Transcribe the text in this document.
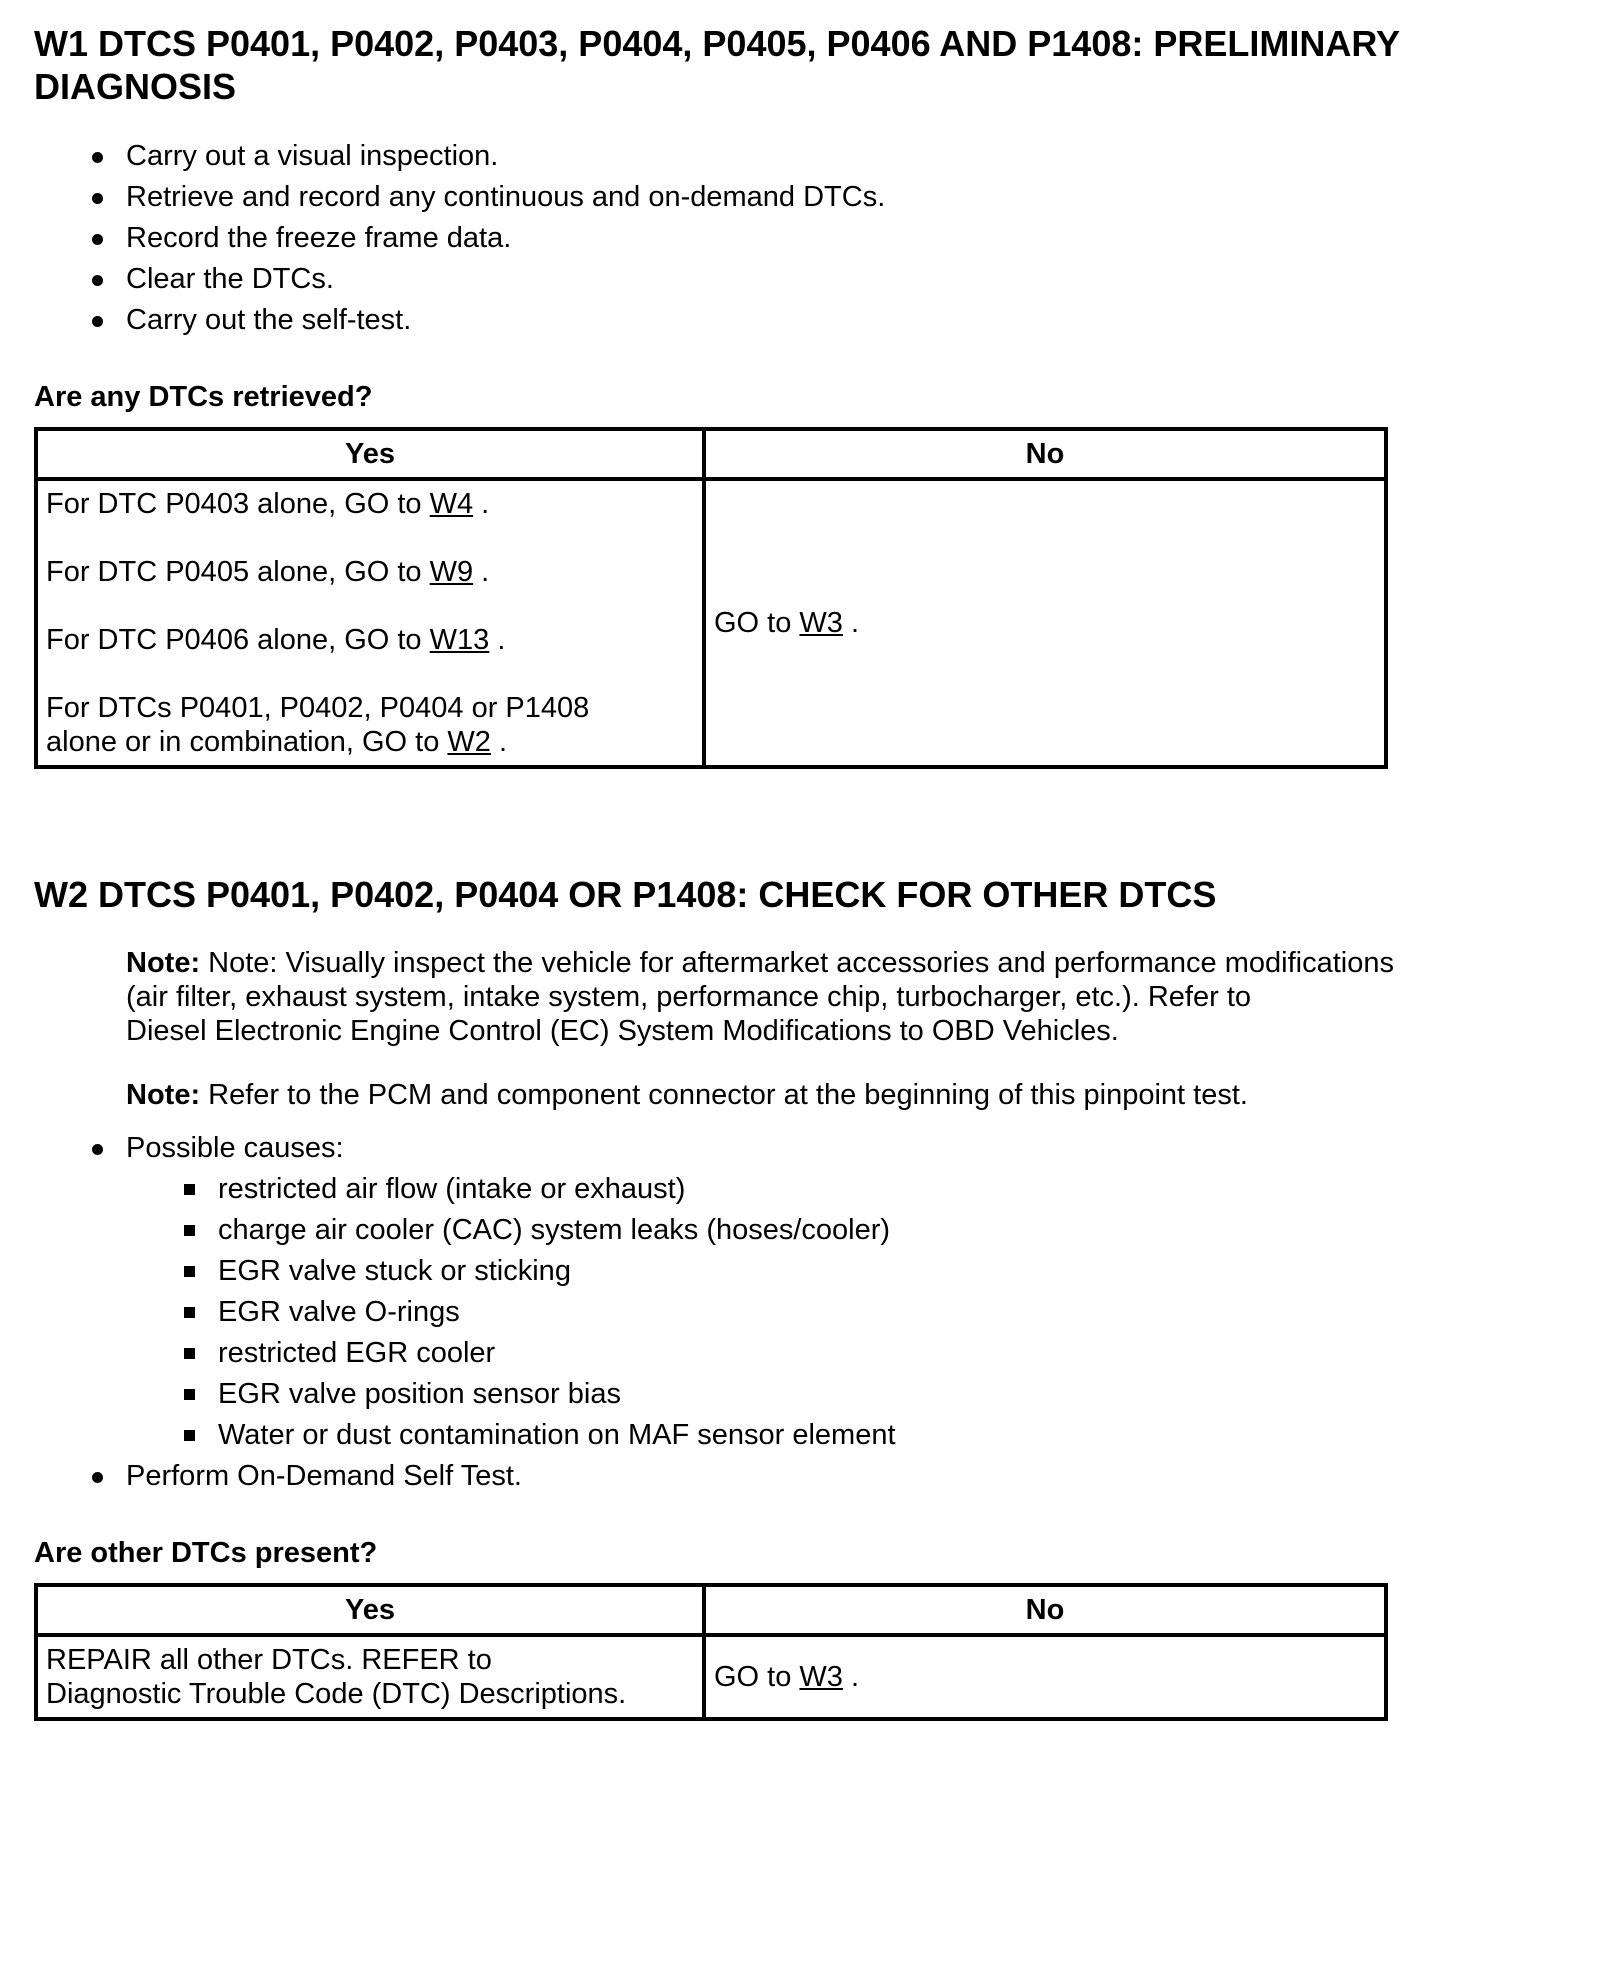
W1 DTCS P0401, P0402, P0403, P0404, P0405, P0406 AND P1408: PRELIMINARY
DIAGNOSIS
Carry out a visual inspection.
Retrieve and record any continuous and on-demand DTCs.
Record the freeze frame data.
Clear the DTCs.
Carry out the self-test.

Are any DTCs retrieved?

Yes	No

For DTC P0403 alone, GO to W4 .

For DTC P0405 alone, GO to W9 .

For DTC P0406 alone, GO to W13 .

For DTCs P0401, P0402, P0404 or P1408
alone or in combination, GO to W2 .	GO to W3 .
W2 DTCS P0401, P0402, P0404 OR P1408: CHECK FOR OTHER DTCS

Note: Note: Visually inspect the vehicle for aftermarket accessories and performance modifications
(air filter, exhaust system, intake system, performance chip, turbocharger, etc.). Refer to
Diesel Electronic Engine Control (EC) System Modifications to OBD Vehicles.

Note: Refer to the PCM and component connector at the beginning of this pinpoint test.

Possible causes:
restricted air flow (intake or exhaust)
charge air cooler (CAC) system leaks (hoses/cooler)
EGR valve stuck or sticking
EGR valve O-rings
restricted EGR cooler
EGR valve position sensor bias
Water or dust contamination on MAF sensor element
Perform On-Demand Self Test.

Are other DTCs present?

Yes	No
REPAIR all other DTCs. REFER to
Diagnostic Trouble Code (DTC) Descriptions.	GO to W3 .
